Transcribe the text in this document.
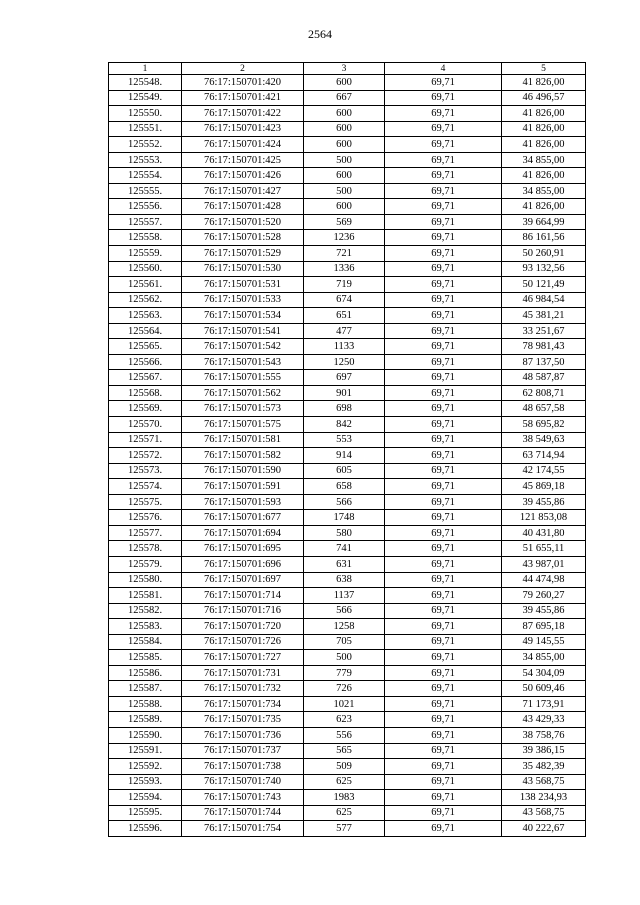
2564
1	2	3	4	5
125548.	76:17:150701:420	600	69,71	41 826,00
125549.	76:17:150701:421	667	69,71	46 496,57
125550.	76:17:150701:422	600	69,71	41 826,00
125551.	76:17:150701:423	600	69,71	41 826,00
125552.	76:17:150701:424	600	69,71	41 826,00
125553.	76:17:150701:425	500	69,71	34 855,00
125554.	76:17:150701:426	600	69,71	41 826,00
125555.	76:17:150701:427	500	69,71	34 855,00
125556.	76:17:150701:428	600	69,71	41 826,00
125557.	76:17:150701:520	569	69,71	39 664,99
125558.	76:17:150701:528	1236	69,71	86 161,56
125559.	76:17:150701:529	721	69,71	50 260,91
125560.	76:17:150701:530	1336	69,71	93 132,56
125561.	76:17:150701:531	719	69,71	50 121,49
125562.	76:17:150701:533	674	69,71	46 984,54
125563.	76:17:150701:534	651	69,71	45 381,21
125564.	76:17:150701:541	477	69,71	33 251,67
125565.	76:17:150701:542	1133	69,71	78 981,43
125566.	76:17:150701:543	1250	69,71	87 137,50
125567.	76:17:150701:555	697	69,71	48 587,87
125568.	76:17:150701:562	901	69,71	62 808,71
125569.	76:17:150701:573	698	69,71	48 657,58
125570.	76:17:150701:575	842	69,71	58 695,82
125571.	76:17:150701:581	553	69,71	38 549,63
125572.	76:17:150701:582	914	69,71	63 714,94
125573.	76:17:150701:590	605	69,71	42 174,55
125574.	76:17:150701:591	658	69,71	45 869,18
125575.	76:17:150701:593	566	69,71	39 455,86
125576.	76:17:150701:677	1748	69,71	121 853,08
125577.	76:17:150701:694	580	69,71	40 431,80
125578.	76:17:150701:695	741	69,71	51 655,11
125579.	76:17:150701:696	631	69,71	43 987,01
125580.	76:17:150701:697	638	69,71	44 474,98
125581.	76:17:150701:714	1137	69,71	79 260,27
125582.	76:17:150701:716	566	69,71	39 455,86
125583.	76:17:150701:720	1258	69,71	87 695,18
125584.	76:17:150701:726	705	69,71	49 145,55
125585.	76:17:150701:727	500	69,71	34 855,00
125586.	76:17:150701:731	779	69,71	54 304,09
125587.	76:17:150701:732	726	69,71	50 609,46
125588.	76:17:150701:734	1021	69,71	71 173,91
125589.	76:17:150701:735	623	69,71	43 429,33
125590.	76:17:150701:736	556	69,71	38 758,76
125591.	76:17:150701:737	565	69,71	39 386,15
125592.	76:17:150701:738	509	69,71	35 482,39
125593.	76:17:150701:740	625	69,71	43 568,75
125594.	76:17:150701:743	1983	69,71	138 234,93
125595.	76:17:150701:744	625	69,71	43 568,75
125596.	76:17:150701:754	577	69,71	40 222,67
